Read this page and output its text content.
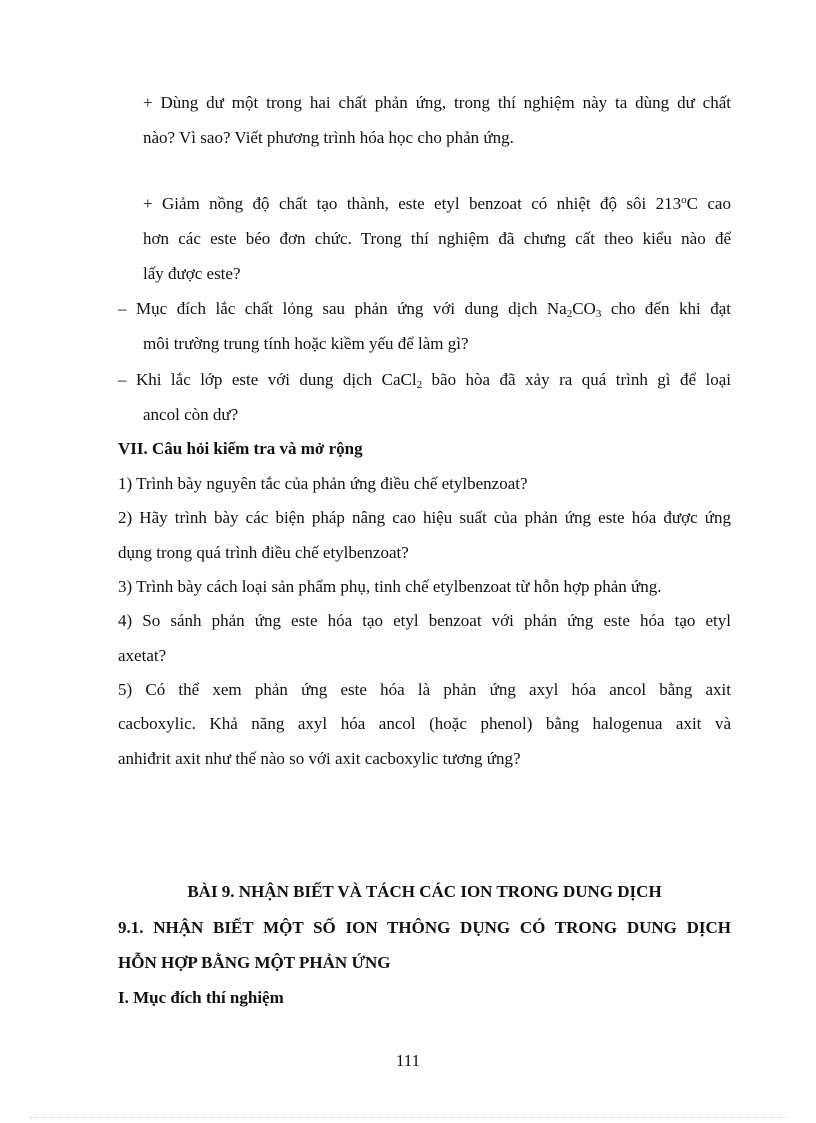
+ Dùng dư một trong hai chất phản ứng, trong thí nghiệm này ta dùng dư chất

nào? Vì sao? Viết phương trình hóa học cho phản ứng.

+ Giảm nồng độ chất tạo thành, este etyl benzoat có nhiệt độ sôi 213$^o$C cao

hơn các este béo đơn chức. Trong thí nghiệm đã chưng cất theo kiểu nào để

lấy được este?

– Mục đích lắc chất lỏng sau phản ứng với dung dịch $Na_2CO_3$ cho đến khi đạt

môi trường trung tính hoặc kiềm yếu để làm gì?

– Khi lắc lớp este với dung dịch CaCl$_2$ bão hòa đã xảy ra quá trình gì để loại

ancol còn dư?

VII. Câu hỏi kiểm tra và mở rộng

1) Trình bày nguyên tắc của phản ứng điều chế etylbenzoat?

2) Hãy trình bày các biện pháp nâng cao hiệu suất của phản ứng este hóa được ứng

dụng trong quá trình điều chế etylbenzoat?

3) Trình bày cách loại sản phẩm phụ, tinh chế etylbenzoat từ hỗn hợp phản ứng.

4) So sánh phản ứng este hóa tạo etyl benzoat với phản ứng este hóa tạo etyl

axetat?

5) Có thể xem phản ứng este hóa là phản ứng axyl hóa ancol bằng axit

cacboxylic. Khả năng axyl hóa ancol (hoặc phenol) bằng halogenua axit và

anhiđrit axit như thế nào so với axit cacboxylic tương ứng?

BÀI 9. NHẬN BIẾT VÀ TÁCH CÁC ION TRONG DUNG DỊCH

9.1. NHẬN BIẾT MỘT SỐ ION THÔNG DỤNG CÓ TRONG DUNG DỊCH

HỖN HỢP BẰNG MỘT PHẢN ỨNG

I. Mục đích thí nghiệm

111
